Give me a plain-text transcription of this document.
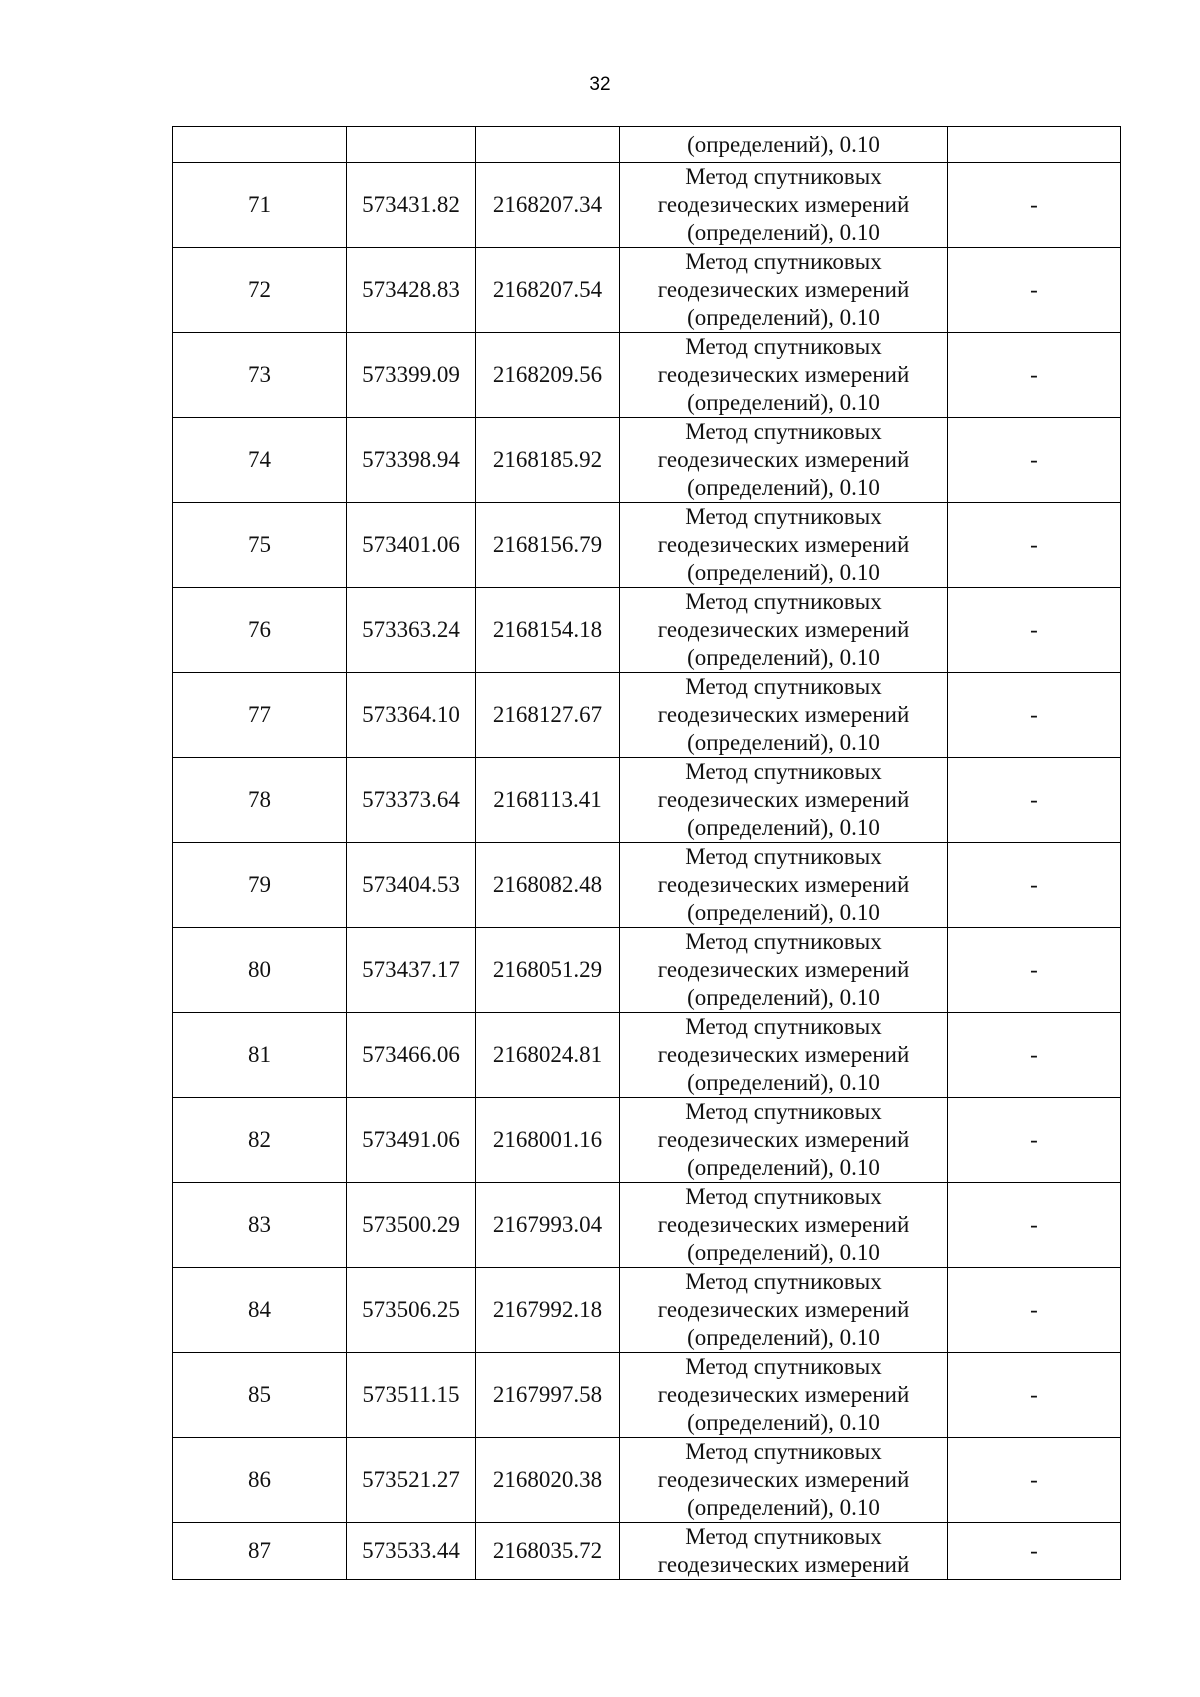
32
			(определений), 0.10	
71	573431.82	2168207.34	Метод спутниковых
геодезических измерений
(определений), 0.10	-
72	573428.83	2168207.54	Метод спутниковых
геодезических измерений
(определений), 0.10	-
73	573399.09	2168209.56	Метод спутниковых
геодезических измерений
(определений), 0.10	-
74	573398.94	2168185.92	Метод спутниковых
геодезических измерений
(определений), 0.10	-
75	573401.06	2168156.79	Метод спутниковых
геодезических измерений
(определений), 0.10	-
76	573363.24	2168154.18	Метод спутниковых
геодезических измерений
(определений), 0.10	-
77	573364.10	2168127.67	Метод спутниковых
геодезических измерений
(определений), 0.10	-
78	573373.64	2168113.41	Метод спутниковых
геодезических измерений
(определений), 0.10	-
79	573404.53	2168082.48	Метод спутниковых
геодезических измерений
(определений), 0.10	-
80	573437.17	2168051.29	Метод спутниковых
геодезических измерений
(определений), 0.10	-
81	573466.06	2168024.81	Метод спутниковых
геодезических измерений
(определений), 0.10	-
82	573491.06	2168001.16	Метод спутниковых
геодезических измерений
(определений), 0.10	-
83	573500.29	2167993.04	Метод спутниковых
геодезических измерений
(определений), 0.10	-
84	573506.25	2167992.18	Метод спутниковых
геодезических измерений
(определений), 0.10	-
85	573511.15	2167997.58	Метод спутниковых
геодезических измерений
(определений), 0.10	-
86	573521.27	2168020.38	Метод спутниковых
геодезических измерений
(определений), 0.10	-
87	573533.44	2168035.72	Метод спутниковых
геодезических измерений	-
